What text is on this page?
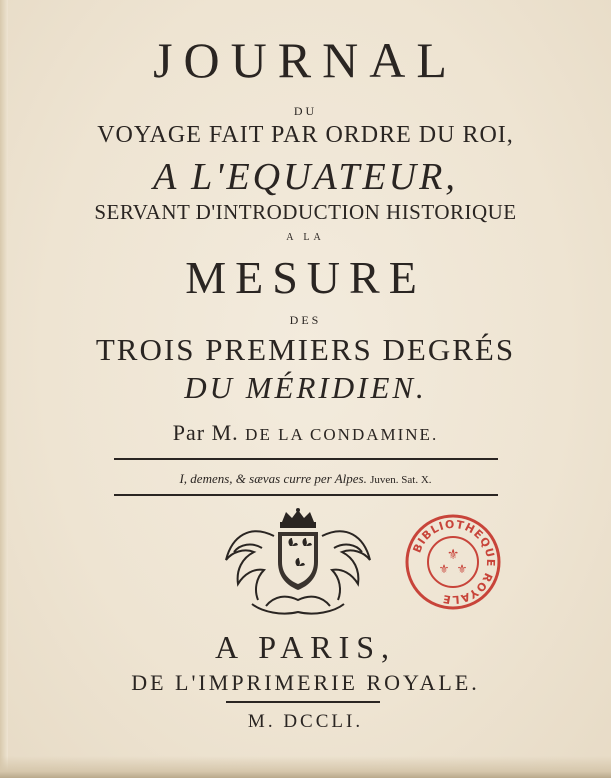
JOURNAL
DU
VOYAGE FAIT PAR ORDRE DU ROI,
A L'EQUATEUR,
SERVANT D'INTRODUCTION HISTORIQUE
A LA
MESURE
DES
TROIS PREMIERS DEGRÉS
DU MÉRIDIEN.
Par M. DE LA CONDAMINE.
I, demens, & sævas curre per Alpes. Juven. Sat. X.
BIBLIOTHEQUE ROYALE
⚜
⚜ ⚜
A PARIS,
DE L'IMPRIMERIE ROYALE.
M. DCCLI.
